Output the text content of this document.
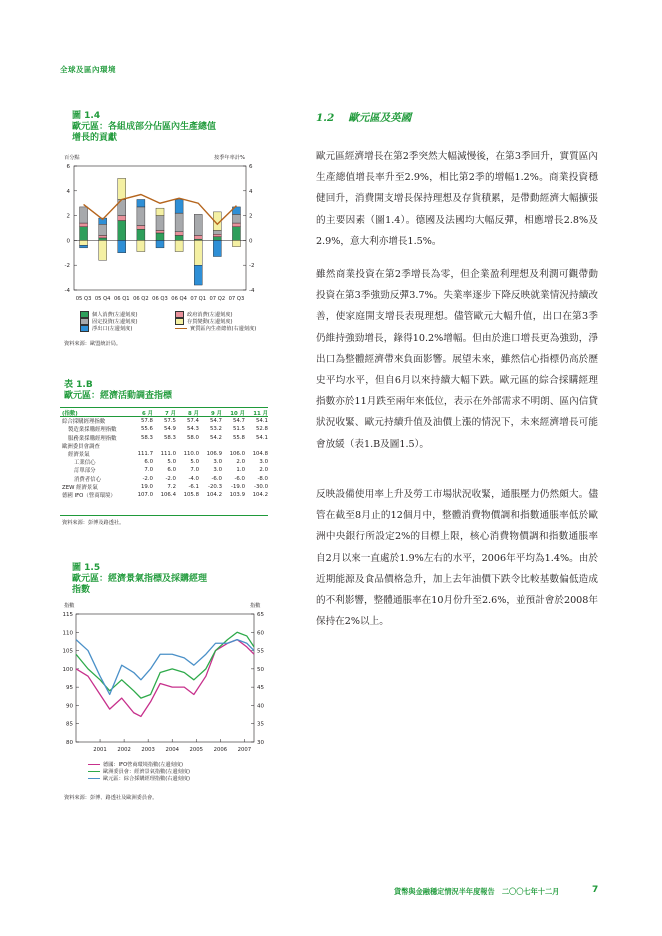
全球及區內環境
圖 1.4
歐元區：各組成部分佔區內生產總值
增長的貢獻
百分點	按季年率計%
6	6
4	4
2	2
0	0
-2	-2
-4	-4
05 Q3 05 Q4 06 Q1 06 Q2 06 Q3 06 Q4 07 Q1 07 Q2 07 Q3
個人消費(左邊刻度)	政府消費(左邊刻度)
固定投資(左邊刻度)	存貨變動(左邊刻度)
淨出口(左邊刻度)	實質區內生產總值(右邊刻度)
資料來源：歐盟統計局。
表 1.B
歐元區：經濟活動調查指標
(指數)	6 月	7 月	8 月	9 月	10 月	11 月
綜合採購經理指數	57.8	57.5	57.4	54.7	54.7	54.1
製造業採購經理指數	55.6	54.9	54.3	53.2	51.5	52.8
服務業採購經理指數	58.3	58.3	58.0	54.2	55.8	54.1
歐洲委員會調查						
經濟景氣	111.7	111.0	110.0	106.9	106.0	104.8
工業信心	6.0	5.0	5.0	3.0	2.0	3.0
訂單部分	7.0	6.0	7.0	3.0	1.0	2.0
消費者信心	-2.0	-2.0	-4.0	-6.0	-6.0	-8.0
ZEW 經濟景氣	19.0	7.2	-6.1	-20.3	-19.0	-30.0
德國 IFO（營商環境）	107.0	106.4	105.8	104.2	103.9	104.2
資料來源：彭博及路透社。
圖 1.5
歐元區：經濟景氣指標及採購經理
指數
指數	指數
115
110
105
100
95
90
85
80
65
60
55
50
45
40
35
30
2001 2002 2003 2004 2005 2006 2007
德國：IFO營商環境指數(左邊刻度)
歐洲委員會：經濟景氣指數(左邊刻度)
歐元區：綜合採購經理指數(右邊刻度)
資料來源：彭博、路透社及歐洲委員會。
1.2 歐元區及英國

歐元區經濟增長在第2季突然大幅減慢後，在第3季回升，實質區內生產總值增長率升至2.9%，相比第2季的增幅1.2%。商業投資穩健回升，消費開支增長保持理想及存貨積累，是帶動經濟大幅擴張的主要因素（圖1.4）。德國及法國均大幅反彈，相應增長2.8%及2.9%，意大利亦增長1.5%。

雖然商業投資在第2季增長為零，但企業盈利理想及利潤可觀帶動投資在第3季強勁反彈3.7%。失業率逐步下降反映就業情況持續改善，使家庭開支增長表現理想。儘管歐元大幅升值，出口在第3季仍維持強勁增長，錄得10.2%增幅。但由於進口增長更為強勁，淨出口為整體經濟帶來負面影響。展望未來，雖然信心指標仍高於歷史平均水平，但自6月以來持續大幅下跌。歐元區的綜合採購經理指數亦於11月跌至兩年來低位，表示在外部需求不明朗、區內信貸狀況收緊、歐元持續升值及油價上漲的情況下，未來經濟增長可能會放緩（表1.B及圖1.5）。

反映設備使用率上升及勞工市場狀況收緊，通脹壓力仍然頗大。儘管在截至8月止的12個月中，整體消費物價調和指數通脹率低於歐洲中央銀行所設定2%的目標上限，核心消費物價調和指數通脹率自2月以來一直處於1.9%左右的水平，2006年平均為1.4%。由於近期能源及食品價格急升，加上去年油價下跌令比較基數偏低造成的不利影響，整體通脹率在10月份升至2.6%，並預計會於2008年保持在2%以上。

貨幣與金融穩定情況半年度報告　二〇〇七年十二月	7
